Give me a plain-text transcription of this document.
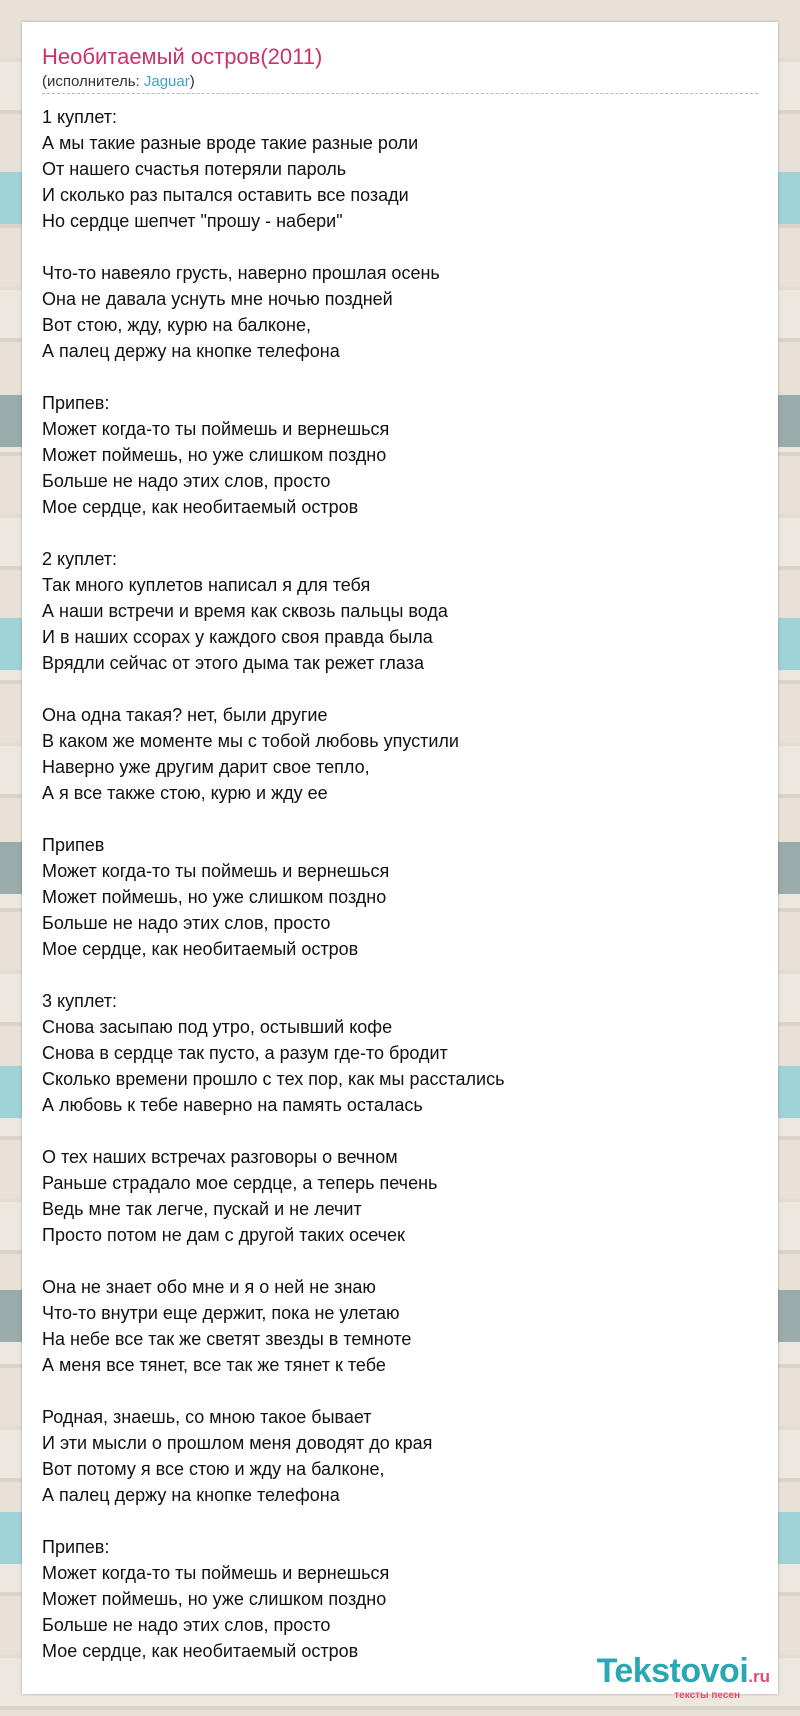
Необитаемый остров(2011)
(исполнитель: Jaguar)
1 куплет:
А мы такие разные вроде такие разные роли
От нашего счастья потеряли пароль
И сколько раз пытался оставить все позади
Но сердце шепчет "прошу - набери"
Что-то навеяло грусть, наверно прошлая осень
Она не давала уснуть мне ночью поздней
Вот стою, жду, курю на балконе,
А палец держу на кнопке телефона
Припев:
Может когда-то ты поймешь и вернешься
Может поймешь, но уже слишком поздно
Больше не надо этих слов, просто
Мое сердце, как необитаемый остров
2 куплет:
Так много куплетов написал я для тебя
А наши встречи и время как сквозь пальцы вода
И в наших ссорах у каждого своя правда была
Врядли сейчас от этого дыма так режет глаза
Она одна такая? нет, были другие
В каком же моменте мы с тобой любовь упустили
Наверно уже другим дарит свое тепло,
А я все также стою, курю и жду ее
Припев
Может когда-то ты поймешь и вернешься
Может поймешь, но уже слишком поздно
Больше не надо этих слов, просто
Мое сердце, как необитаемый остров
3 куплет:
Снова засыпаю под утро, остывший кофе
Снова в сердце так пусто, а разум где-то бродит
Сколько времени прошло с тех пор, как мы расстались
А любовь к тебе наверно на память осталась
О тех наших встречах разговоры о вечном
Раньше страдало мое сердце, а теперь печень
Ведь мне так легче, пускай и не лечит
Просто потом не дам с другой таких осечек
Она не знает обо мне и я о ней не знаю
Что-то внутри еще держит, пока не улетаю
На небе все так же светят звезды в темноте
А меня все тянет, все так же тянет к тебе
Родная, знаешь, со мною такое бывает
И эти мысли о прошлом меня доводят до края
Вот потому я все стою и жду на балконе,
А палец держу на кнопке телефона
Припев:
Может когда-то ты поймешь и вернешься
Может поймешь, но уже слишком поздно
Больше не надо этих слов, просто
Мое сердце, как необитаемый остров
Tekstovoi.ru
тексты песен
